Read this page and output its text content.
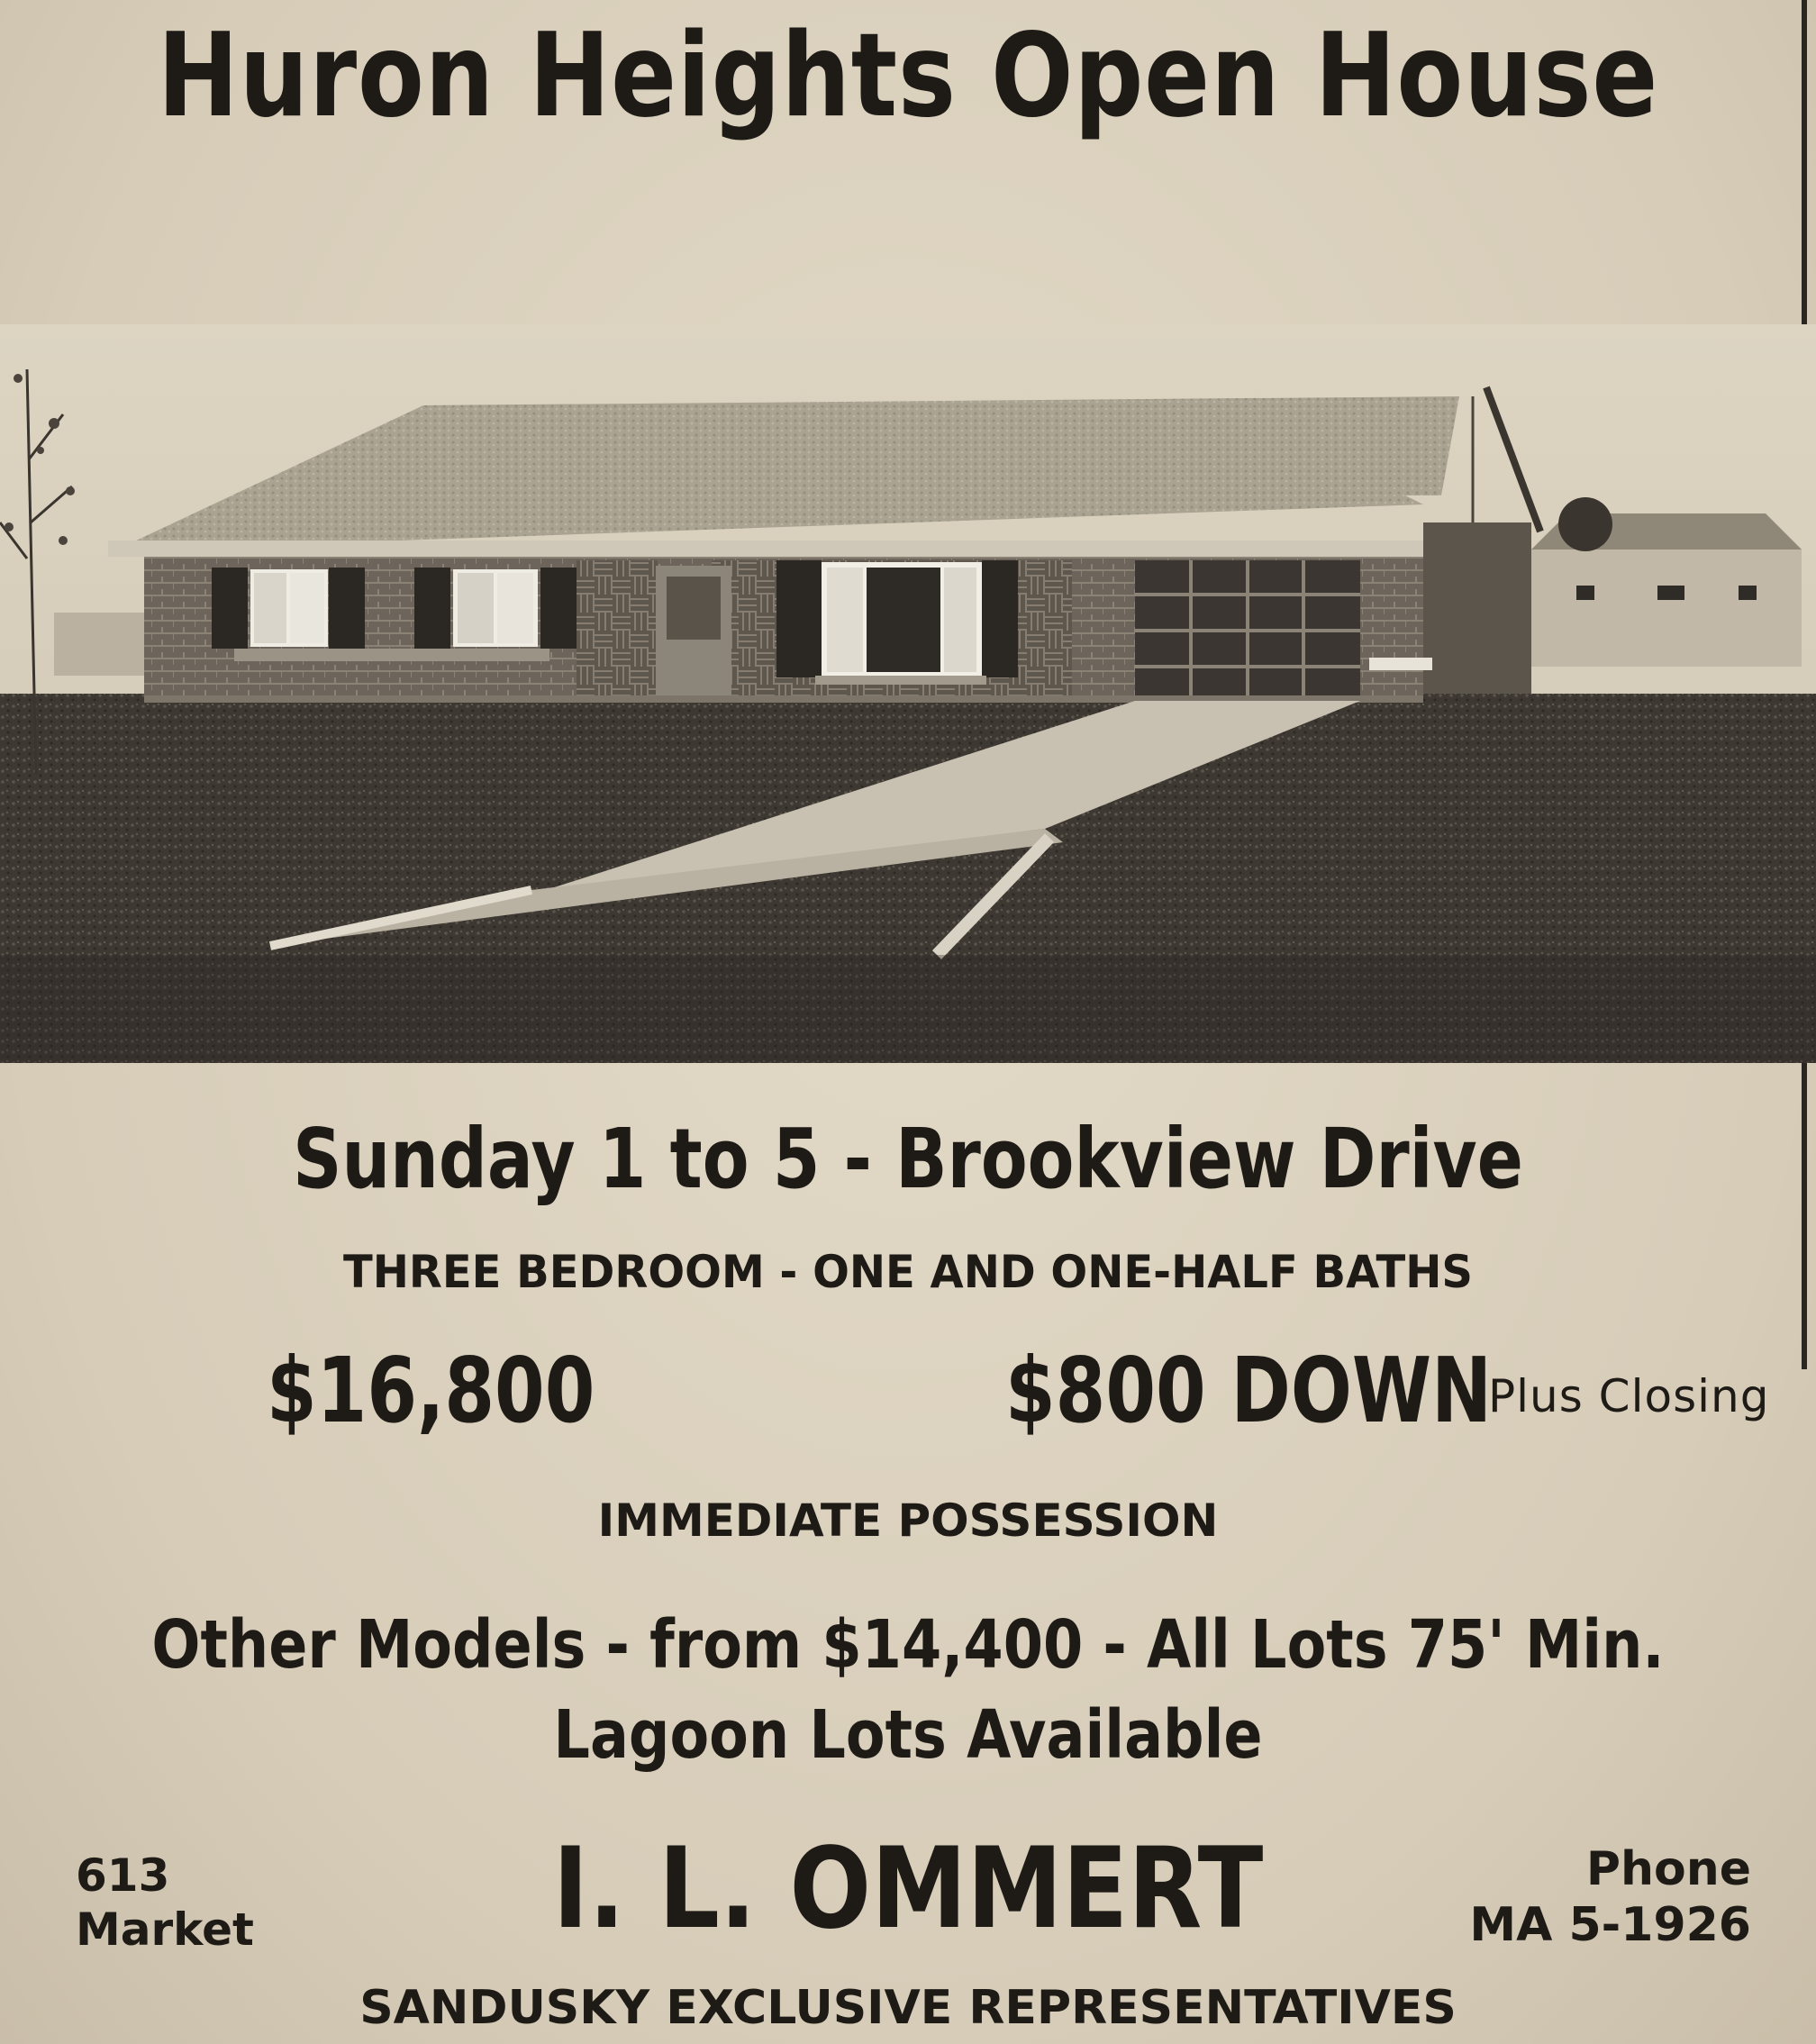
Huron Heights Open House
Sunday 1 to 5 - Brookview Drive
THREE BEDROOM - ONE AND ONE-HALF BATHS
$16,800	$800 DOWN
Plus Closing
IMMEDIATE POSSESSION
Other Models - from $14,400 - All Lots 75' Min.
Lagoon Lots Available
613
Market	I. L. OMMERT	Phone
MA 5-1926
SANDUSKY EXCLUSIVE REPRESENTATIVES
